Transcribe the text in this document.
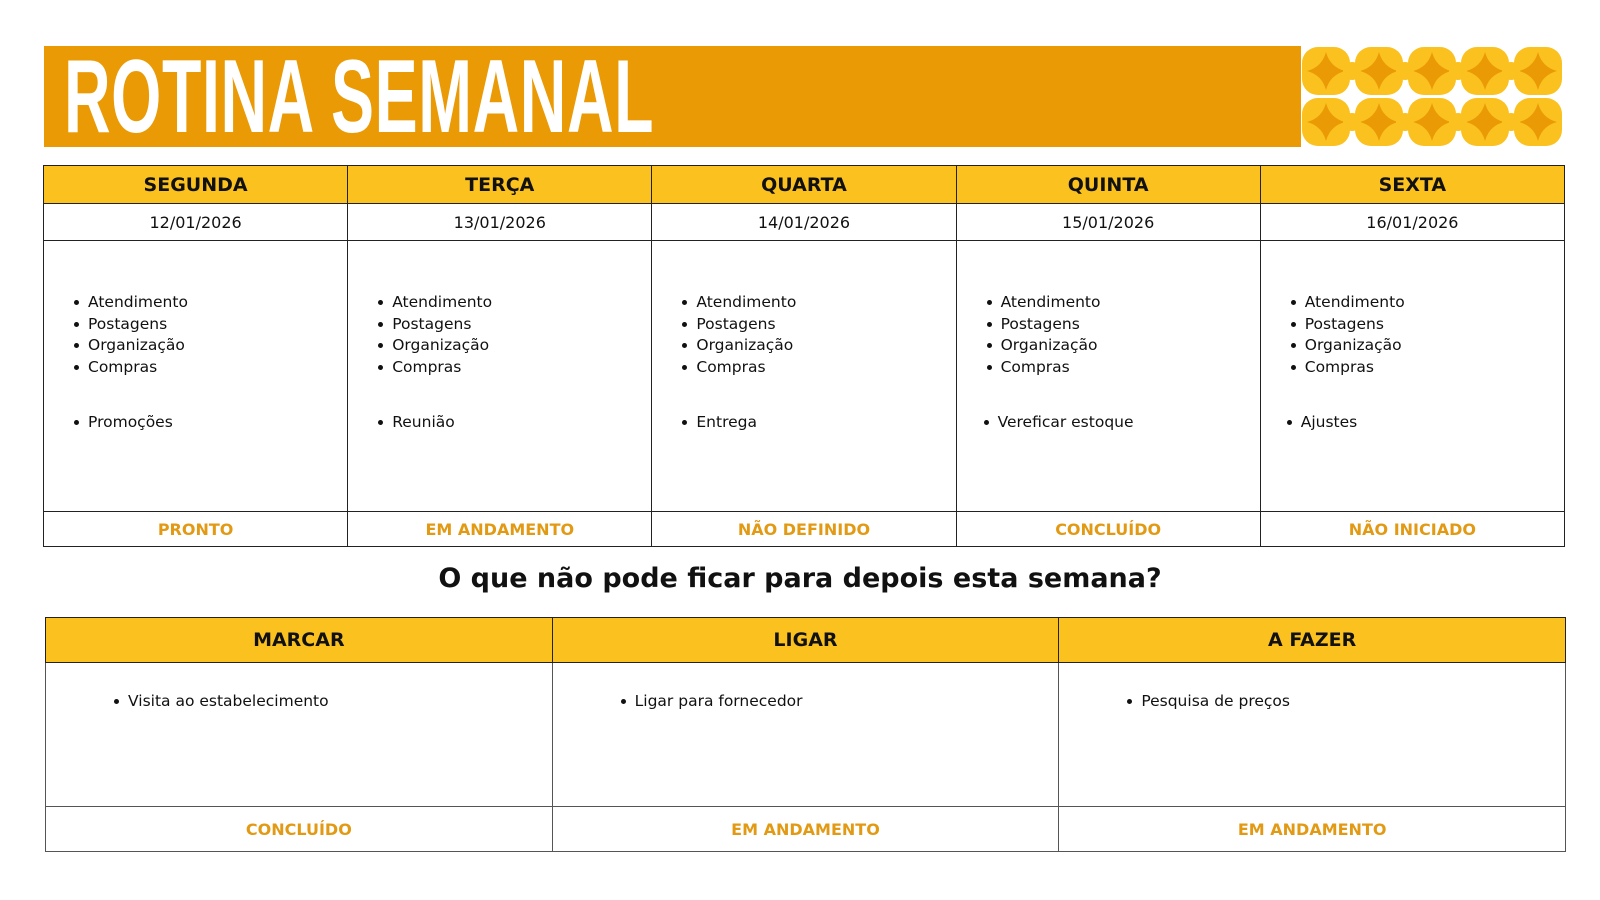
ROTINA SEMANAL
SEGUNDA	TERÇA	QUARTA	QUINTA	SEXTA
12/01/2026	13/01/2026	14/01/2026	15/01/2026	16/01/2026

Atendimento
Postagens
Organização
Compras
Promoções

Atendimento
Postagens
Organização
Compras
Reunião

Atendimento
Postagens
Organização
Compras
Entrega

Atendimento
Postagens
Organização
Compras
Vereficar estoque

Atendimento
Postagens
Organização
Compras
Ajustes

PRONTO	EM ANDAMENTO	NÃO DEFINIDO	CONCLUÍDO	NÃO INICIADO
O que não pode ficar para depois esta semana?
MARCAR	LIGAR	A FAZER

Visita ao estabelecimento	Ligar para fornecedor	Pesquisa de preços

CONCLUÍDO	EM ANDAMENTO	EM ANDAMENTO
